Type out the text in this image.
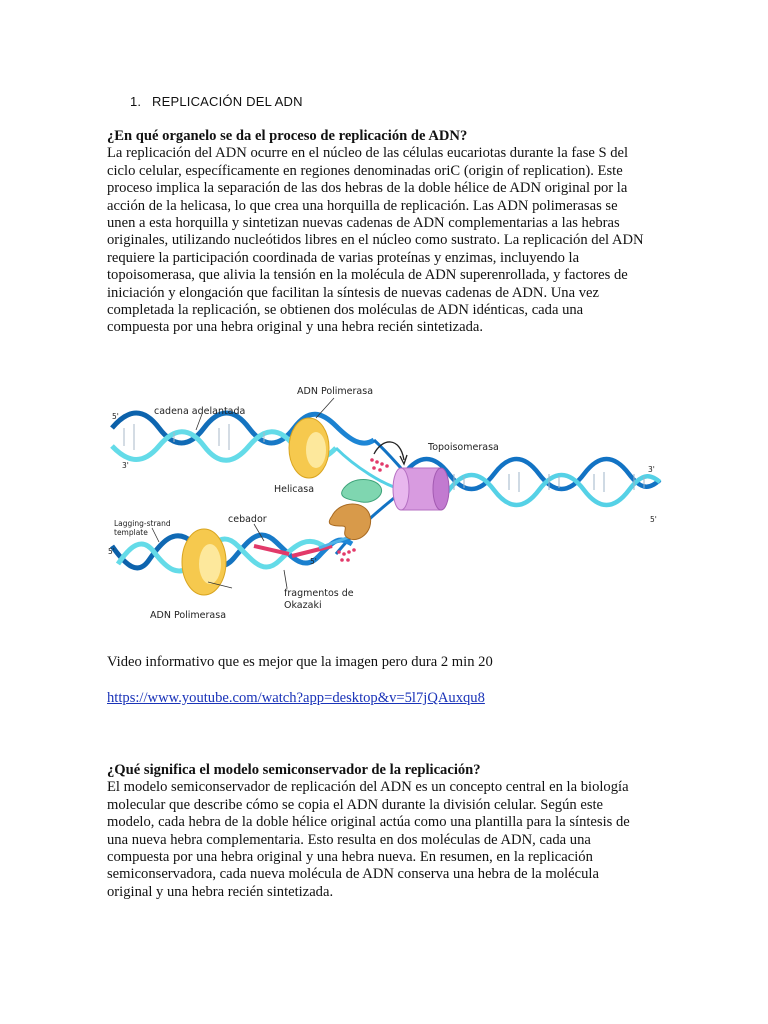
1. REPLICACIÓN DEL ADN
¿En qué organelo se da el proceso de replicación de ADN?

La replicación del ADN ocurre en el núcleo de las células eucariotas durante la fase S del
ciclo celular, específicamente en regiones denominadas oriC (origin of replication). Este
proceso implica la separación de las dos hebras de la doble hélice de ADN original por la
acción de la helicasa, lo que crea una horquilla de replicación. Las ADN polimerasas se
unen a esta horquilla y sintetizan nuevas cadenas de ADN complementarias a las hebras
originales, utilizando nucleótidos libres en el núcleo como sustrato. La replicación del ADN
requiere la participación coordinada de varias proteínas y enzimas, incluyendo la
topoisomerasa, que alivia la tensión en la molécula de ADN superenrollada, y factores de
iniciación y elongación que facilitan la síntesis de nuevas cadenas de ADN. Una vez
completada la replicación, se obtienen dos moléculas de ADN idénticas, cada una
compuesta por una hebra original y una hebra recién sintetizada.

ADN Polimerasa
cadena adelantada
Topoisomerasa
Helicasa
Lagging-strand
template
cebador
fragmentos de
Okazaki
ADN Polimerasa
5'
3'	3'
5'
5'
5'
Video informativo que es mejor que la imagen pero dura 2 min 20
https://www.youtube.com/watch?app=desktop&v=5l7jQAuxqu8
¿Qué significa el modelo semiconservador de la replicación?

El modelo semiconservador de replicación del ADN es un concepto central en la biología
molecular que describe cómo se copia el ADN durante la división celular. Según este
modelo, cada hebra de la doble hélice original actúa como una plantilla para la síntesis de
una nueva hebra complementaria. Esto resulta en dos moléculas de ADN, cada una
compuesta por una hebra original y una hebra nueva. En resumen, en la replicación
semiconservadora, cada nueva molécula de ADN conserva una hebra de la molécula
original y una hebra recién sintetizada.
